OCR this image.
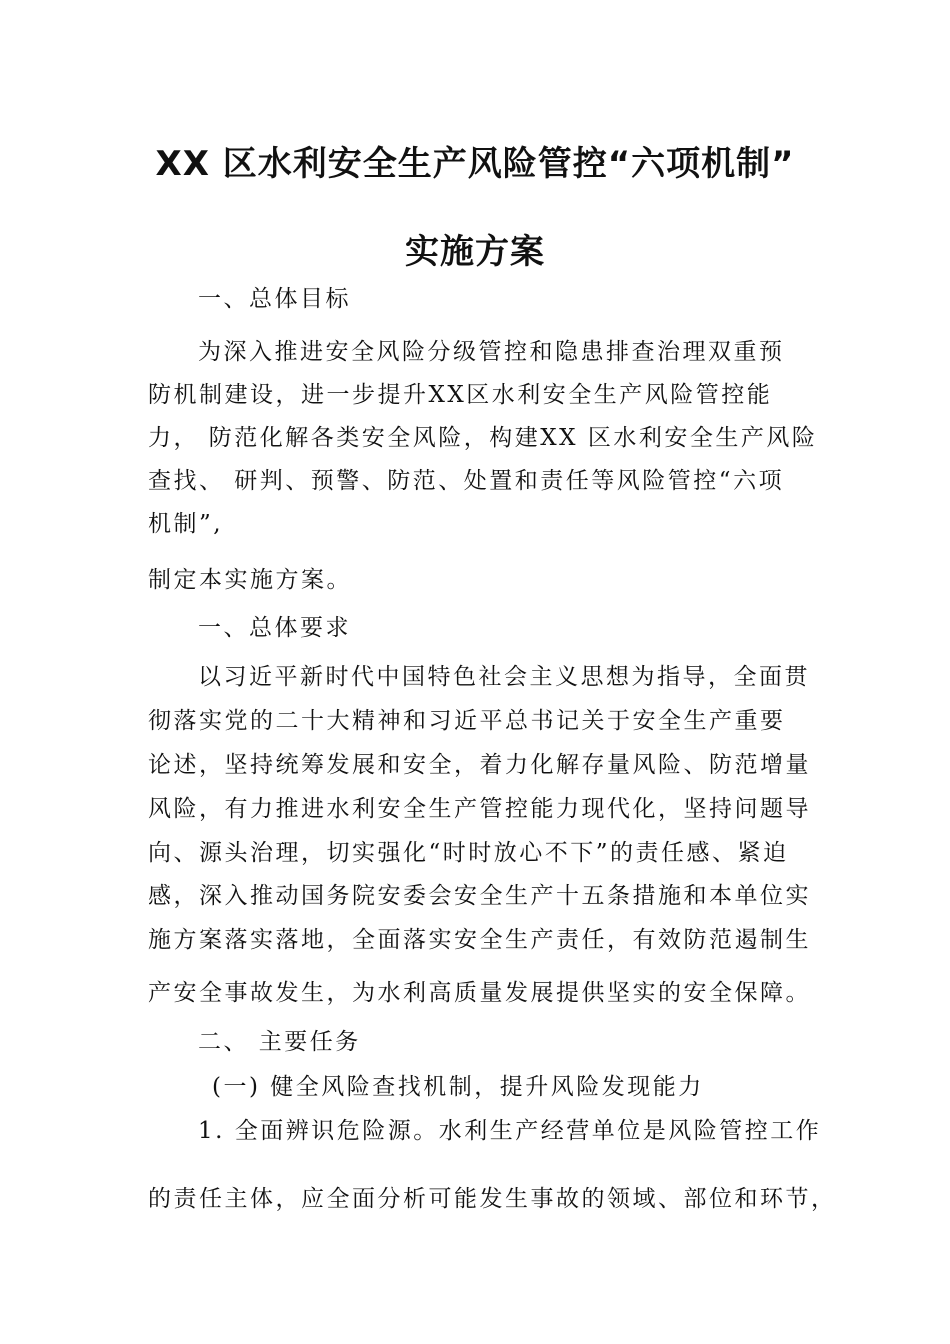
XX 区水利安全生产风险管控“六项机制”
实施方案
一、总体目标
为深入推进安全风险分级管控和隐患排查治理双重预
防机制建设，进一步提升XX区水利安全生产风险管控能
力， 防范化解各类安全风险，构建XX 区水利安全生产风险
查找、 研判、预警、防范、处置和责任等风险管控“六项
机制”,
制定本实施方案。
一、总体要求
以习近平新时代中国特色社会主义思想为指导，全面贯
彻落实党的二十大精神和习近平总书记关于安全生产重要
论述，坚持统筹发展和安全，着力化解存量风险、防范增量
风险，有力推进水利安全生产管控能力现代化，坚持问题导
向、源头治理，切实强化“时时放心不下”的责任感、紧迫
感，深入推动国务院安委会安全生产十五条措施和本单位实
施方案落实落地，全面落实安全生产责任，有效防范遏制生
产安全事故发生，为水利高质量发展提供坚实的安全保障。
二、 主要任务
(一) 健全风险查找机制，提升风险发现能力
1. 全面辨识危险源。水利生产经营单位是风险管控工作
的责任主体，应全面分析可能发生事故的领域、部位和环节，
